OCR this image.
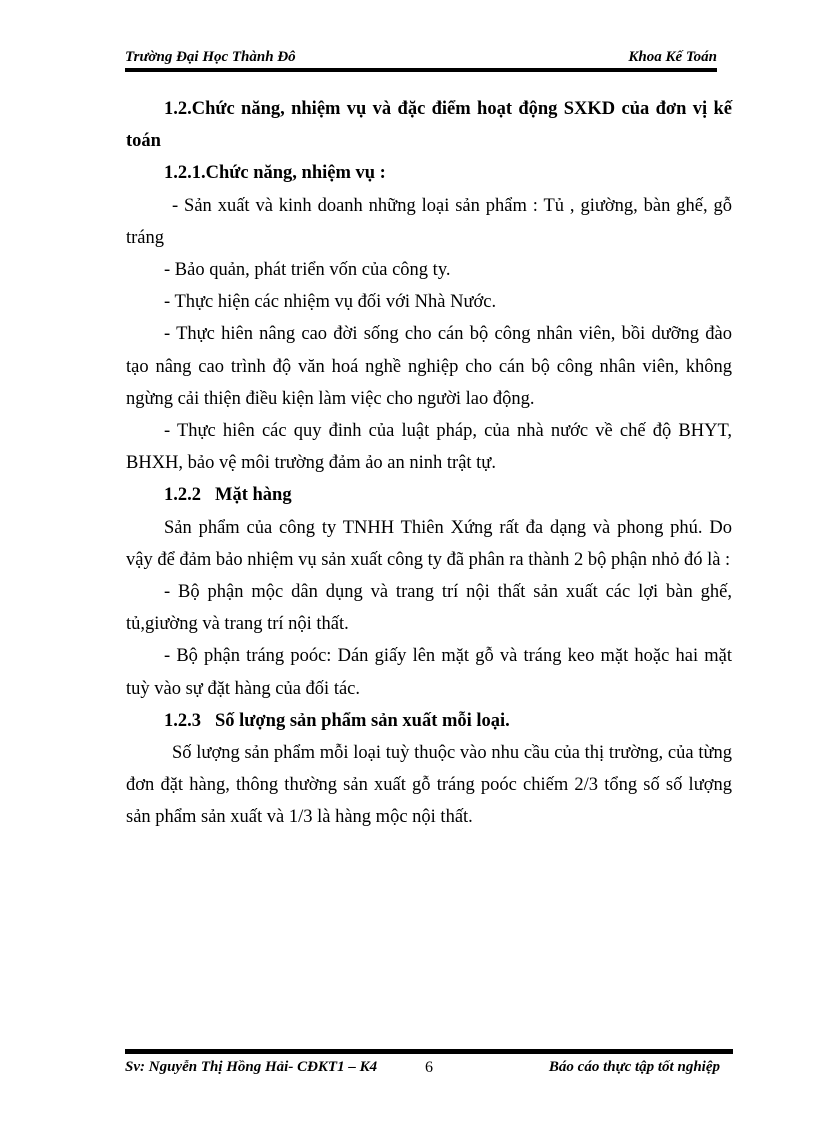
Trường Đại Học Thành Đô	Khoa Kế Toán

1.2.Chức năng, nhiệm vụ và đặc điểm hoạt động SXKD của đơn vị kế toán

1.2.1.Chức năng, nhiệm vụ :

- Sản xuất và kinh doanh những loại sản phẩm : Tủ , giường, bàn ghế, gỗ tráng

- Bảo quản, phát triển vốn của công ty.

- Thực hiện các nhiệm vụ đối với Nhà Nước.

- Thực hiên nâng cao đời sống cho cán bộ công nhân viên, bồi dưỡng đào tạo nâng cao trình độ văn hoá nghề nghiệp cho cán bộ công nhân viên, không ngừng cải thiện điều kiện làm việc cho người lao động.

- Thực hiên các quy đinh của luật pháp, của nhà nước về chế độ BHYT, BHXH, bảo vệ môi trường đảm ảo an ninh trật tự.

1.2.2 Mặt hàng

Sản phẩm của công ty TNHH Thiên Xứng rất đa dạng và phong phú. Do vậy để đảm bảo nhiệm vụ sản xuất công ty đã phân ra thành 2 bộ phận nhỏ đó là :

- Bộ phận mộc dân dụng và trang trí nội thất sản xuất các lợi bàn ghế, tủ,giường và trang trí nội thất.

- Bộ phận tráng poóc: Dán giấy lên mặt gỗ và tráng keo mặt hoặc hai mặt tuỳ vào sự đặt hàng của đối tác.

1.2.3 Số lượng sản phẩm sản xuất mỗi loại.

Số lượng sản phẩm mỗi loại tuỳ thuộc vào nhu cầu của thị trường, của từng đơn đặt hàng, thông thường sản xuất gỗ tráng poóc chiếm 2/3 tổng số số lượng sản phẩm sản xuất và 1/3 là hàng mộc nội thất.

Sv: Nguyễn Thị Hồng Hải- CĐKT1 – K4	6	Báo cáo thực tập tốt nghiệp
